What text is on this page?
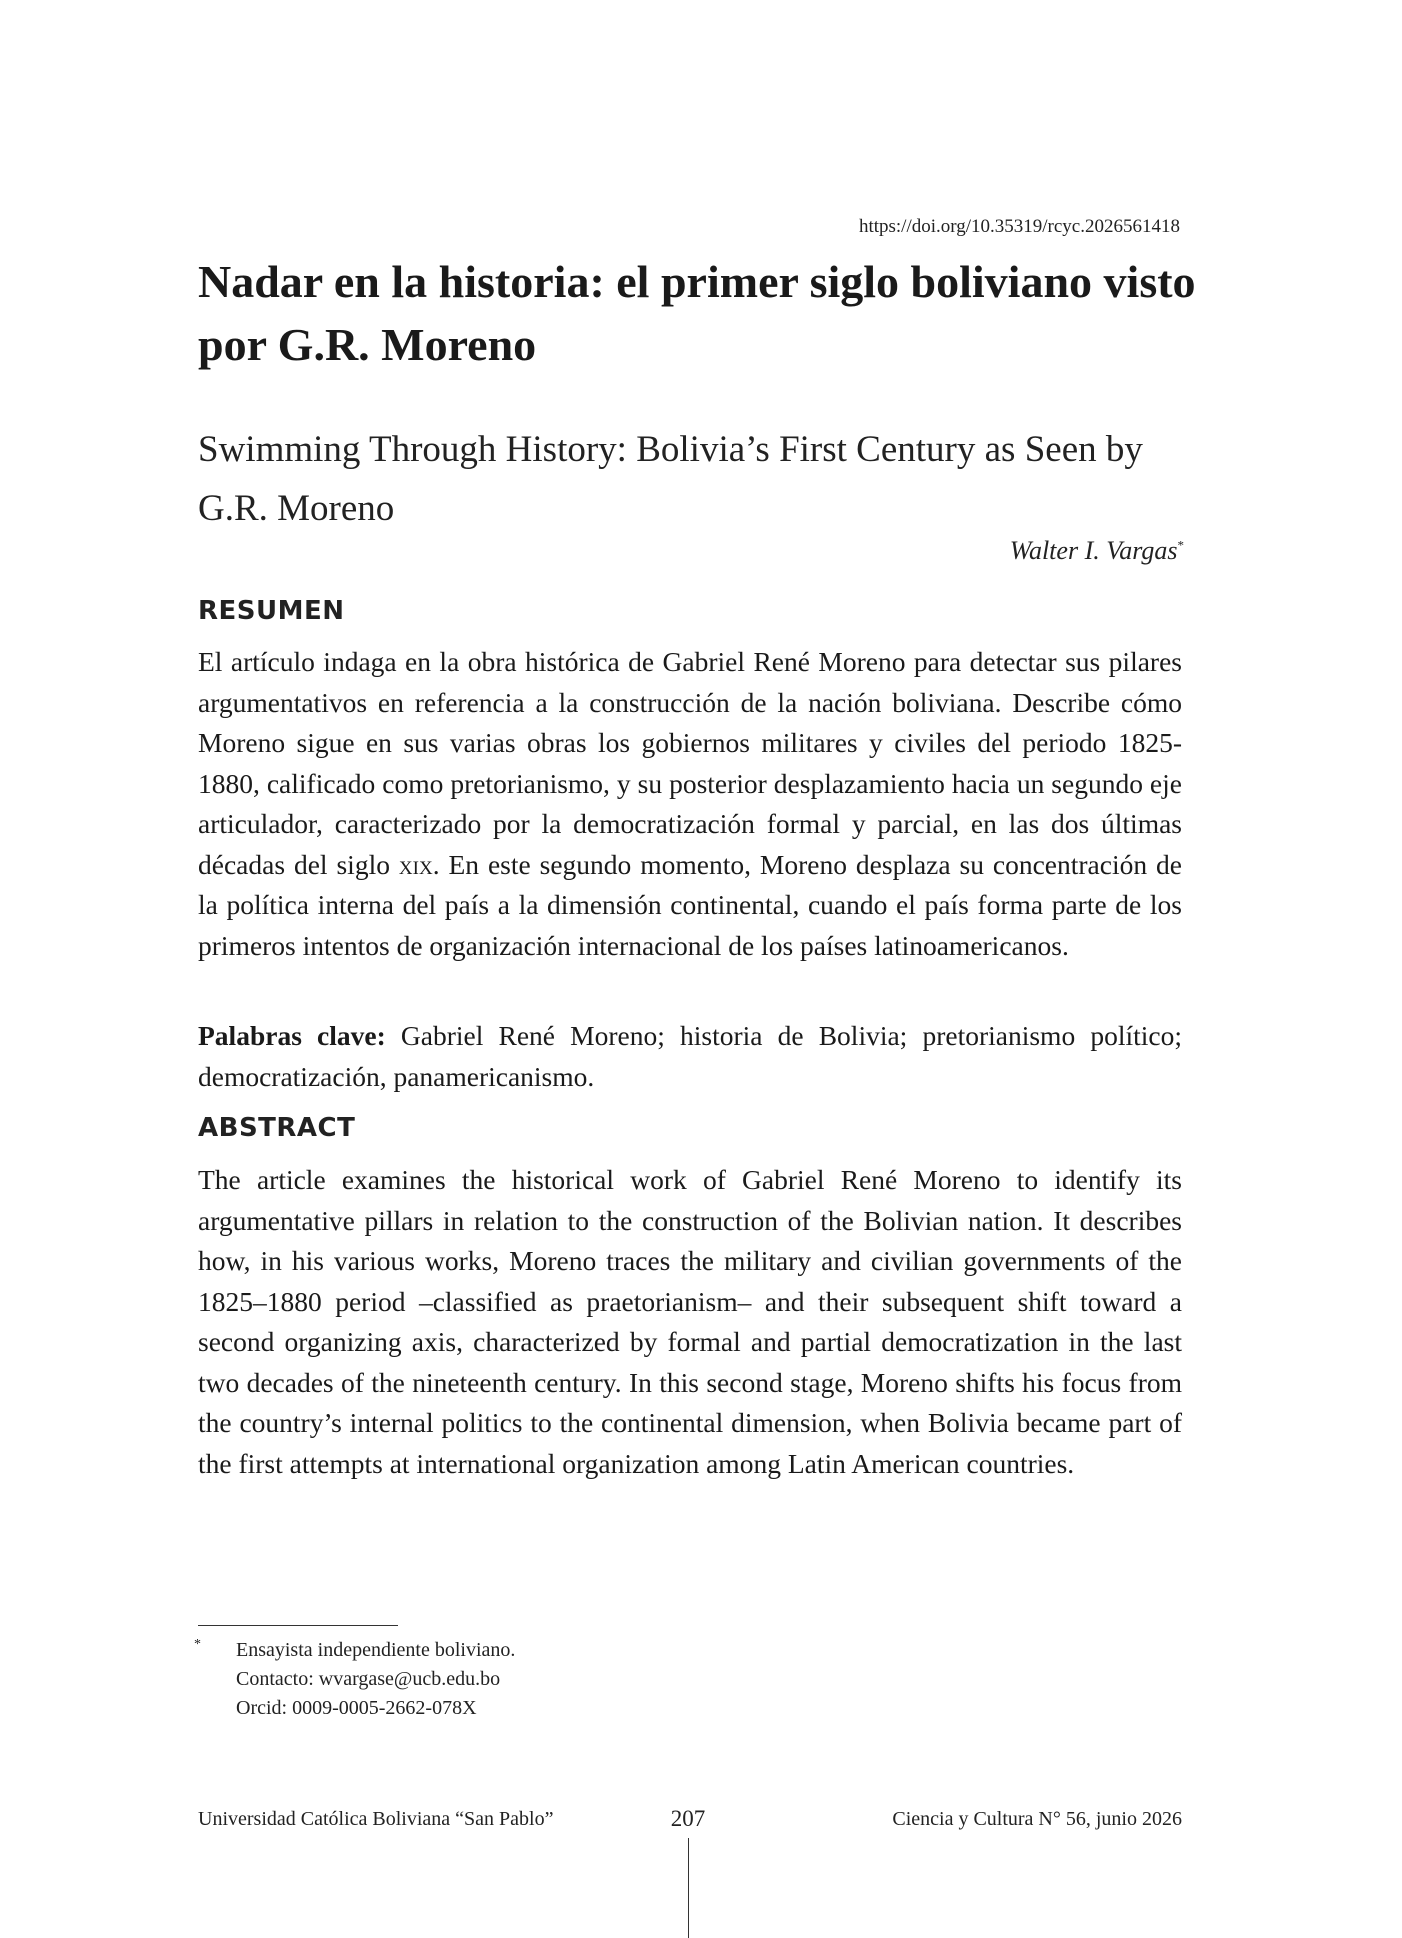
https://doi.org/10.35319/rcyc.2026561418
Nadar en la historia: el primer siglo boliviano visto por G.R. Moreno
Swimming Through History: Bolivia’s First Century as Seen by G.R. Moreno
Walter I. Vargas*
RESUMEN

El artículo indaga en la obra histórica de Gabriel René Moreno para detectar sus pilares argumentativos en referencia a la construcción de la nación boliviana. Describe cómo Moreno sigue en sus varias obras los gobiernos militares y civiles del periodo 1825-1880, calificado como pretorianismo, y su posterior desplazamiento hacia un segundo eje articulador, caracterizado por la democratización formal y parcial, en las dos últimas décadas del siglo xix. En este segundo momento, Moreno desplaza su concentración de la política interna del país a la dimensión continental, cuando el país forma parte de los primeros intentos de organización internacional de los países latinoamericanos.

Palabras clave: Gabriel René Moreno; historia de Bolivia; pretorianismo político; democratización, panamericanismo.

ABSTRACT

The article examines the historical work of Gabriel René Moreno to identify its argumentative pillars in relation to the construction of the Bolivian nation. It describes how, in his various works, Moreno traces the military and civilian governments of the 1825–1880 period –classified as praetorianism– and their subsequent shift toward a second organizing axis, characterized by formal and partial democratization in the last two decades of the nineteenth century. In this second stage, Moreno shifts his focus from the country’s internal politics to the continental dimension, when Bolivia became part of the first attempts at international organization among Latin American countries.

* Ensayista independiente boliviano.
Contacto: wvargase@ucb.edu.bo
Orcid: 0009-0005-2662-078X
Universidad Católica Boliviana “San Pablo”	207	Ciencia y Cultura N° 56, junio 2026
